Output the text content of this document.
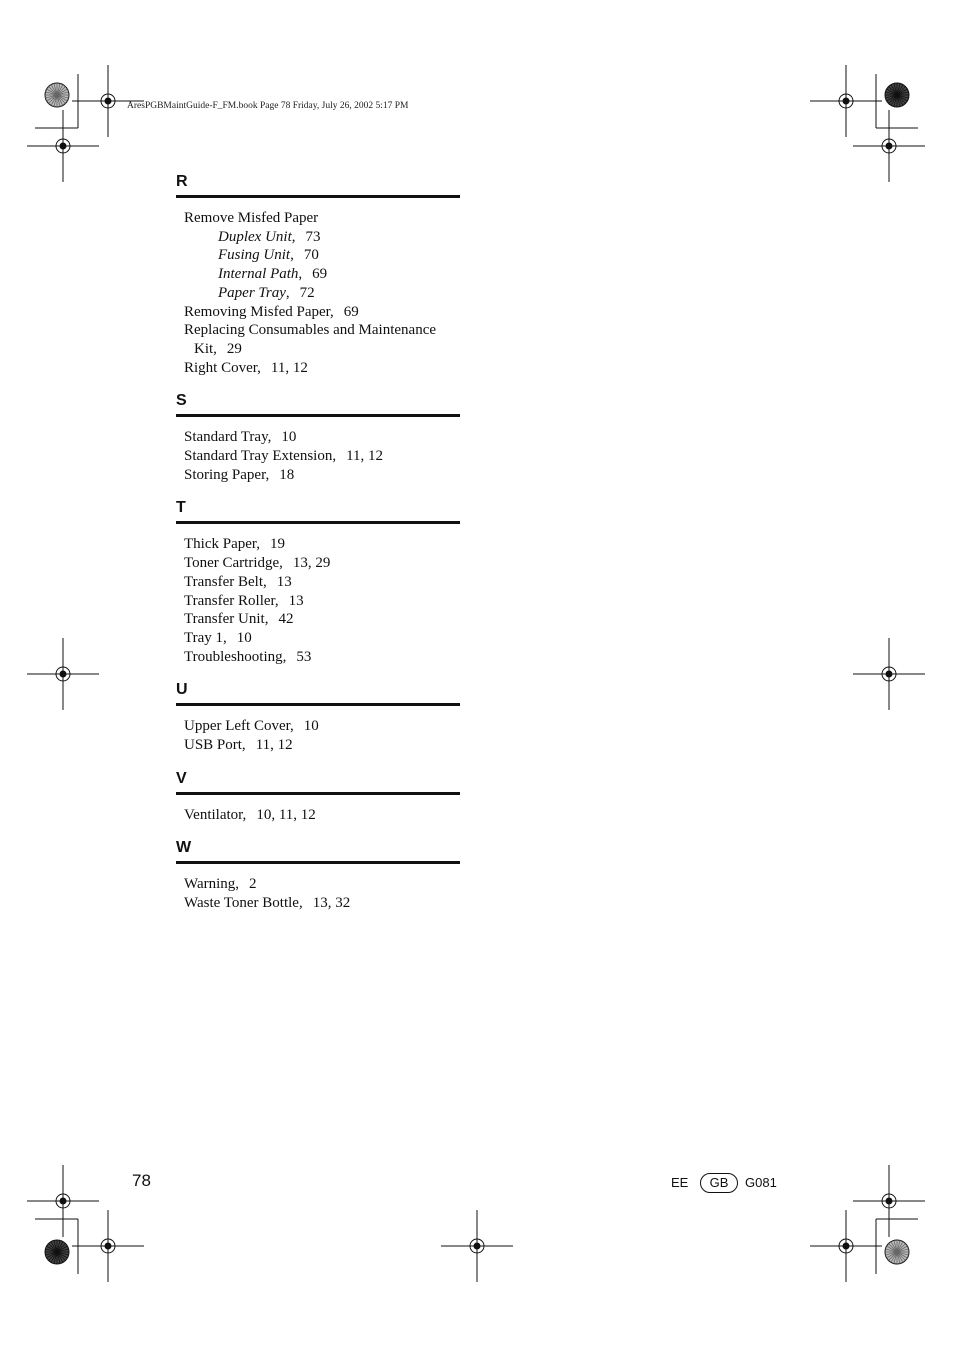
AresPGBMaintGuide-F_FM.book Page 78 Friday, July 26, 2002 5:17 PM
R
Remove Misfed Paper
Duplex Unit, 73
Fusing Unit, 70
Internal Path, 69
Paper Tray, 72
Removing Misfed Paper, 69
Replacing Consumables and Maintenance Kit, 29
Right Cover, 11, 12
S
Standard Tray, 10
Standard Tray Extension, 11, 12
Storing Paper, 18
T
Thick Paper, 19
Toner Cartridge, 13, 29
Transfer Belt, 13
Transfer Roller, 13
Transfer Unit, 42
Tray 1, 10
Troubleshooting, 53
U
Upper Left Cover, 10
USB Port, 11, 12
V
Ventilator, 10, 11, 12
W
Warning, 2
Waste Toner Bottle, 13, 32
78	EE	GB	G081
